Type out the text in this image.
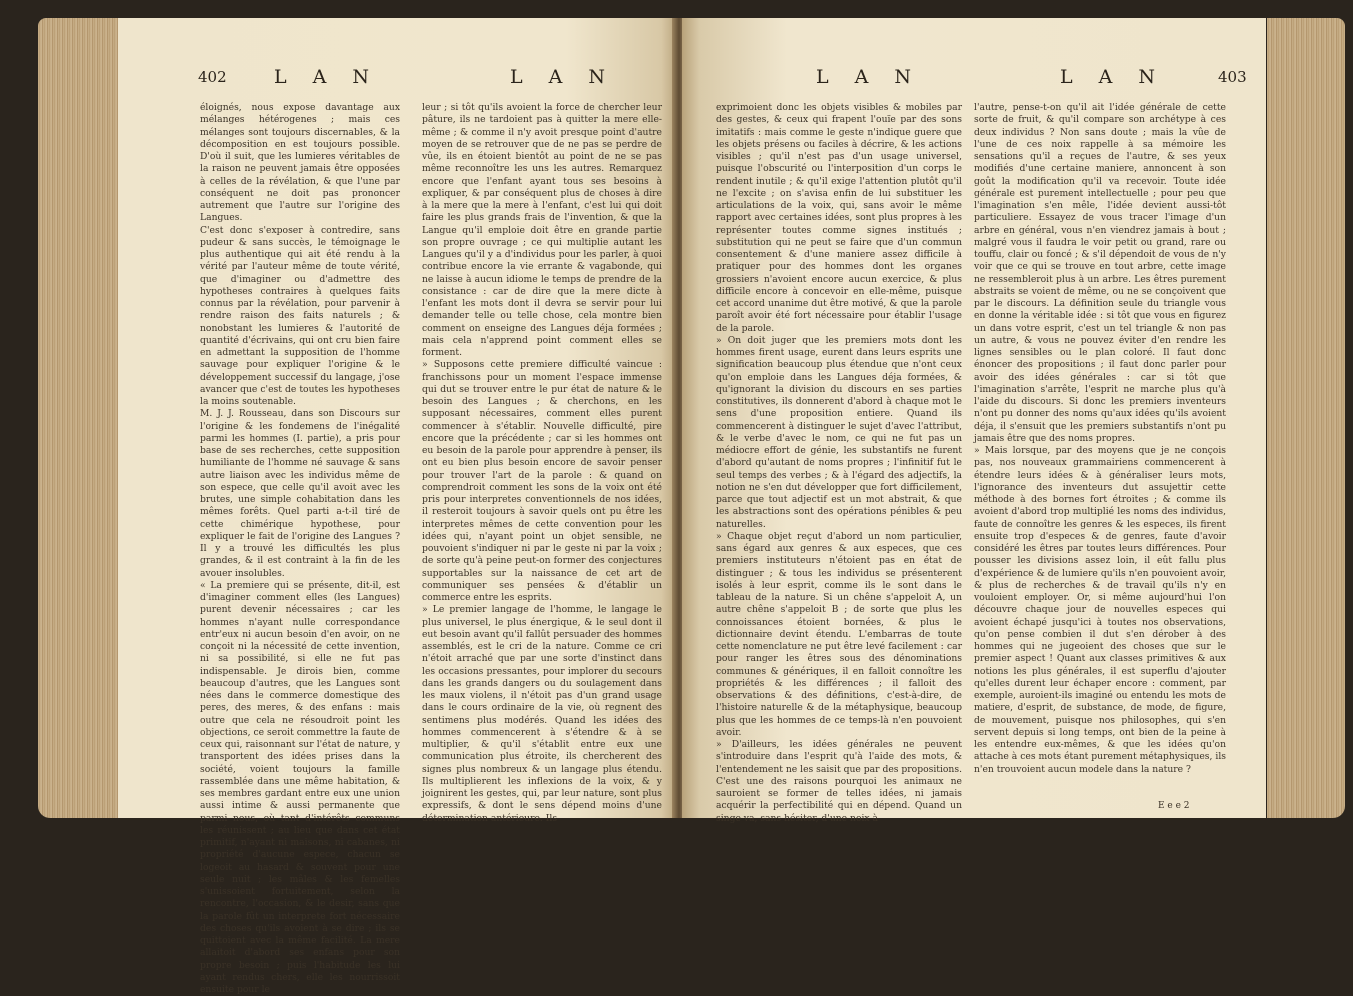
402 L A N	L A N

éloignés, nous expose davantage aux mélanges hétérogenes ; mais ces mélanges sont toujours discernables, & la décomposition en est toujours possible. D'où il suit, que les lumieres véritables de la raison ne peuvent jamais être opposées à celles de la révélation, & que l'une par conséquent ne doit pas prononcer autrement que l'autre sur l'origine des Langues.
C'est donc s'exposer à contredire, sans pudeur & sans succès, le témoignage le plus authentique qui ait été rendu à la vérité par l'auteur même de toute vérité, que d'imaginer ou d'admettre des hypotheses contraires à quelques faits connus par la révélation, pour parvenir à rendre raison des faits naturels ; & nonobstant les lumieres & l'autorité de quantité d'écrivains, qui ont cru bien faire en admettant la supposition de l'homme sauvage pour expliquer l'origine & le développement successif du langage, j'ose avancer que c'est de toutes les hypotheses la moins soutenable.
M. J. J. Rousseau, dans son Discours sur l'origine & les fondemens de l'inégalité parmi les hommes (I. partie), a pris pour base de ses recherches, cette supposition humiliante de l'homme né sauvage & sans autre liaison avec les individus même de son espece, que celle qu'il avoit avec les brutes, une simple cohabitation dans les mêmes forêts. Quel parti a-t-il tiré de cette chimérique hypothese, pour expliquer le fait de l'origine des Langues ? Il y a trouvé les difficultés les plus grandes, & il est contraint à la fin de les avouer insolubles.
« La premiere qui se présente, dit-il, est d'imaginer comment elles (les Langues) purent devenir nécessaires ; car les hommes n'ayant nulle correspondance entr'eux ni aucun besoin d'en avoir, on ne conçoit ni la nécessité de cette invention, ni sa possibilité, si elle ne fut pas indispensable. Je dirois bien, comme beaucoup d'autres, que les Langues sont nées dans le commerce domestique des peres, des meres, & des enfans : mais outre que cela ne résoudroit point les objections, ce seroit commettre la faute de ceux qui, raisonnant sur l'état de nature, y transportent des idées prises dans la société, voient toujours la famille rassemblée dans une même habitation, & ses membres gardant entre eux une union aussi intime & aussi permanente que parmi nous, où tant d'intérêts communs les réunissent ; au lieu que dans cet état primitif, n'ayant ni maisons, ni cabanes, ni propriété d'aucune espece, chacun se logeoit au hasard & souvent pour une seule nuit ; les mâles & les femelles s'unissoient fortuitement, selon la rencontre, l'occasion, & le desir, sans que la parole fût un interprete fort nécessaire des choses qu'ils avoient à se dire ; ils se quittoient avec la même facilité. La mere allaitoit d'abord ses enfans pour son propre besoin ; puis l'habitude les lui ayant rendus chers, elle les nourrissoit ensuite pour le

leur ; si tôt qu'ils avoient la force de chercher leur pâture, ils ne tardoient pas à quitter la mere elle-même ; & comme il n'y avoit presque point d'autre moyen de se retrouver que de ne pas se perdre de vûe, ils en étoient bientôt au point de ne se pas même reconnoître les uns les autres. Remarquez encore que l'enfant ayant tous ses besoins à expliquer, & par conséquent plus de choses à dire à la mere que la mere à l'enfant, c'est lui qui doit faire les plus grands frais de l'invention, & que la Langue qu'il emploie doit être en grande partie son propre ouvrage ; ce qui multiplie autant les Langues qu'il y a d'individus pour les parler, à quoi contribue encore la vie errante & vagabonde, qui ne laisse à aucun idiome le temps de prendre de la consistance : car de dire que la mere dicte à l'enfant les mots dont il devra se servir pour lui demander telle ou telle chose, cela montre bien comment on enseigne des Langues déja formées ; mais cela n'apprend point comment elles se forment.
» Supposons cette premiere difficulté vaincue : franchissons pour un moment l'espace immense qui dut se trouver entre le pur état de nature & le besoin des Langues ; & cherchons, en les supposant nécessaires, comment elles purent commencer à s'établir. Nouvelle difficulté, pire encore que la précédente ; car si les hommes ont eu besoin de la parole pour apprendre à penser, ils ont eu bien plus besoin encore de savoir penser pour trouver l'art de la parole : & quand on comprendroit comment les sons de la voix ont été pris pour interpretes conventionnels de nos idées, il resteroit toujours à savoir quels ont pu être les interpretes mêmes de cette convention pour les idées qui, n'ayant point un objet sensible, ne pouvoient s'indiquer ni par le geste ni par la voix ; de sorte qu'à peine peut-on former des conjectures supportables sur la naissance de cet art de communiquer ses pensées & d'établir un commerce entre les esprits.
» Le premier langage de l'homme, le langage le plus universel, le plus énergique, & le seul dont il eut besoin avant qu'il fallût persuader des hommes assemblés, est le cri de la nature. Comme ce cri n'étoit arraché que par une sorte d'instinct dans les occasions pressantes, pour implorer du secours dans les grands dangers ou du soulagement dans les maux violens, il n'étoit pas d'un grand usage dans le cours ordinaire de la vie, où regnent des sentimens plus modérés. Quand les idées des hommes commencerent à s'étendre & à se multiplier, & qu'il s'établit entre eux une communication plus étroite, ils chercherent des signes plus nombreux & un langage plus étendu. Ils multiplierent les inflexions de la voix, & y joignirent les gestes, qui, par leur nature, sont plus expressifs, & dont le sens dépend moins d'une détermination antérieure. Ils

L A N	L A N	403

exprimoient donc les objets visibles & mobiles par des gestes, & ceux qui frapent l'ouïe par des sons imitatifs : mais comme le geste n'indique guere que les objets présens ou faciles à décrire, & les actions visibles ; qu'il n'est pas d'un usage universel, puisque l'obscurité ou l'interposition d'un corps le rendent inutile ; & qu'il exige l'attention plutôt qu'il ne l'excite ; on s'avisa enfin de lui substituer les articulations de la voix, qui, sans avoir le même rapport avec certaines idées, sont plus propres à les représenter toutes comme signes institués ; substitution qui ne peut se faire que d'un commun consentement & d'une maniere assez difficile à pratiquer pour des hommes dont les organes grossiers n'avoient encore aucun exercice, & plus difficile encore à concevoir en elle-même, puisque cet accord unanime dut être motivé, & que la parole paroît avoir été fort nécessaire pour établir l'usage de la parole.
» On doit juger que les premiers mots dont les hommes firent usage, eurent dans leurs esprits une signification beaucoup plus étendue que n'ont ceux qu'on emploie dans les Langues déja formées, & qu'ignorant la division du discours en ses parties constitutives, ils donnerent d'abord à chaque mot le sens d'une proposition entiere. Quand ils commencerent à distinguer le sujet d'avec l'attribut, & le verbe d'avec le nom, ce qui ne fut pas un médiocre effort de génie, les substantifs ne furent d'abord qu'autant de noms propres ; l'infinitif fut le seul temps des verbes ; & à l'égard des adjectifs, la notion ne s'en dut développer que fort difficilement, parce que tout adjectif est un mot abstrait, & que les abstractions sont des opérations pénibles & peu naturelles.
» Chaque objet reçut d'abord un nom particulier, sans égard aux genres & aux especes, que ces premiers instituteurs n'étoient pas en état de distinguer ; & tous les individus se présenterent isolés à leur esprit, comme ils le sont dans le tableau de la nature. Si un chêne s'appeloit A, un autre chêne s'appeloit B ; de sorte que plus les connoissances étoient bornées, & plus le dictionnaire devint étendu. L'embarras de toute cette nomenclature ne put être levé facilement : car pour ranger les êtres sous des dénominations communes & génériques, il en falloit connoître les propriétés & les différences ; il falloit des observations & des définitions, c'est-à-dire, de l'histoire naturelle & de la métaphysique, beaucoup plus que les hommes de ce temps-là n'en pouvoient avoir.
» D'ailleurs, les idées générales ne peuvent s'introduire dans l'esprit qu'à l'aide des mots, & l'entendement ne les saisit que par des propositions. C'est une des raisons pourquoi les animaux ne sauroient se former de telles idées, ni jamais acquérir la perfectibilité qui en dépend. Quand un singe va, sans hésiter, d'une noix à

l'autre, pense-t-on qu'il ait l'idée générale de cette sorte de fruit, & qu'il compare son archétype à ces deux individus ? Non sans doute ; mais la vûe de l'une de ces noix rappelle à sa mémoire les sensations qu'il a reçues de l'autre, & ses yeux modifiés d'une certaine maniere, annoncent à son goût la modification qu'il va recevoir. Toute idée générale est purement intellectuelle ; pour peu que l'imagination s'en mêle, l'idée devient aussi-tôt particuliere. Essayez de vous tracer l'image d'un arbre en général, vous n'en viendrez jamais à bout ; malgré vous il faudra le voir petit ou grand, rare ou touffu, clair ou foncé ; & s'il dépendoit de vous de n'y voir que ce qui se trouve en tout arbre, cette image ne ressembleroit plus à un arbre. Les êtres purement abstraits se voient de même, ou ne se conçoivent que par le discours. La définition seule du triangle vous en donne la véritable idée : si tôt que vous en figurez un dans votre esprit, c'est un tel triangle & non pas un autre, & vous ne pouvez éviter d'en rendre les lignes sensibles ou le plan coloré. Il faut donc énoncer des propositions ; il faut donc parler pour avoir des idées générales : car si tôt que l'imagination s'arrête, l'esprit ne marche plus qu'à l'aide du discours. Si donc les premiers inventeurs n'ont pu donner des noms qu'aux idées qu'ils avoient déja, il s'ensuit que les premiers substantifs n'ont pu jamais être que des noms propres.
» Mais lorsque, par des moyens que je ne conçois pas, nos nouveaux grammairiens commencerent à étendre leurs idées & à généraliser leurs mots, l'ignorance des inventeurs dut assujettir cette méthode à des bornes fort étroites ; & comme ils avoient d'abord trop multiplié les noms des individus, faute de connoître les genres & les especes, ils firent ensuite trop d'especes & de genres, faute d'avoir considéré les êtres par toutes leurs différences. Pour pousser les divisions assez loin, il eût fallu plus d'expérience & de lumiere qu'ils n'en pouvoient avoir, & plus de recherches & de travail qu'ils n'y en vouloient employer. Or, si même aujourd'hui l'on découvre chaque jour de nouvelles especes qui avoient échapé jusqu'ici à toutes nos observations, qu'on pense combien il dut s'en dérober à des hommes qui ne jugeoient des choses que sur le premier aspect ! Quant aux classes primitives & aux notions les plus générales, il est superflu d'ajouter qu'elles durent leur échaper encore : comment, par exemple, auroient-ils imaginé ou entendu les mots de matiere, d'esprit, de substance, de mode, de figure, de mouvement, puisque nos philosophes, qui s'en servent depuis si long temps, ont bien de la peine à les entendre eux-mêmes, & que les idées qu'on attache à ces mots étant purement métaphysiques, ils n'en trouvoient aucun modele dans la nature ?

E e e 2
